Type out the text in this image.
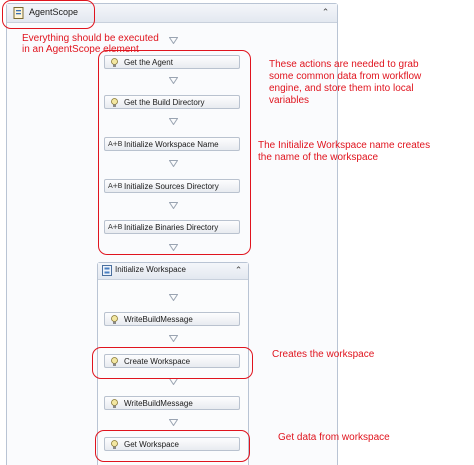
AgentScope	⌃
Get the Agent
Get the Build Directory
A+B Initialize Workspace Name
A+B Initialize Sources Directory
A+B Initialize Binaries Directory
Initialize Workspace	⌃
WriteBuildMessage
Create Workspace
WriteBuildMessage
Get Workspace
Everything should be executed
in an AgentScope element
These actions are needed to grab
some common data from workflow
engine, and store them into local
variables
The Initialize Workspace name creates
the name of the workspace
Creates the workspace
Get data from workspace
